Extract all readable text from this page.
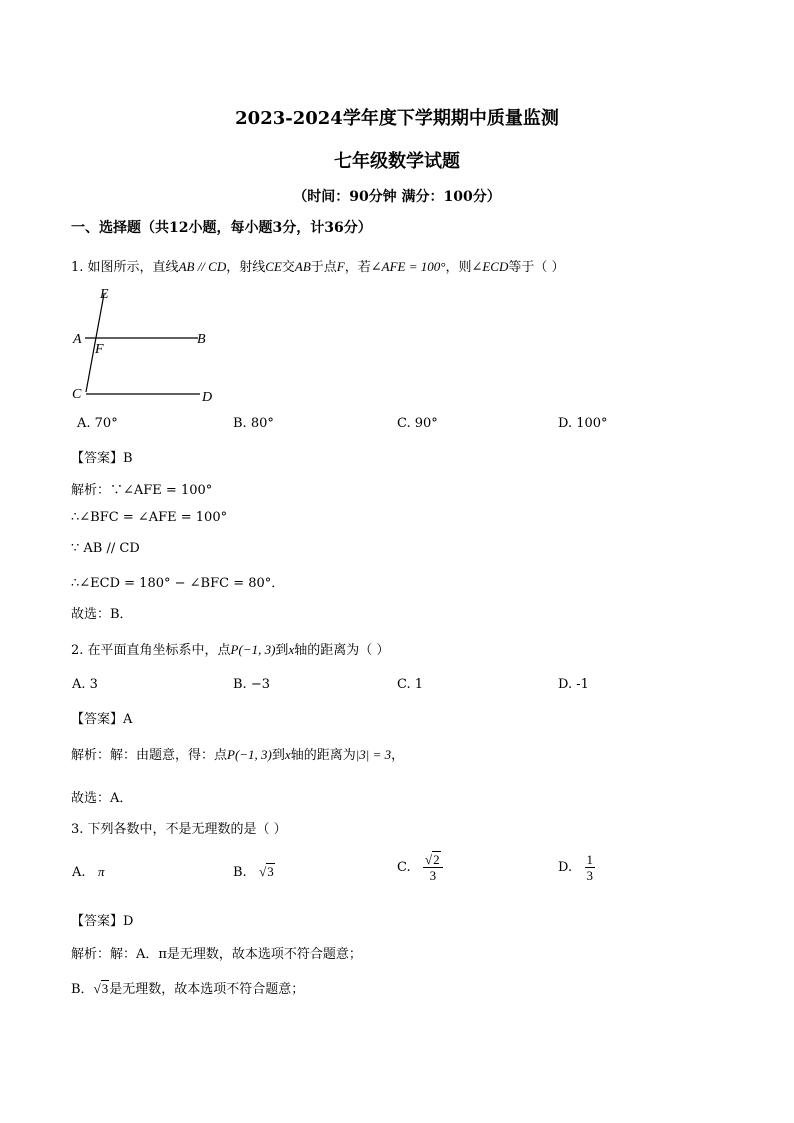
2023-2024学年度下学期期中质量监测
七年级数学试题
（时间：90分钟 满分：100分）
一、选择题（共12小题，每小题3分，计36分）
1. 如图所示，直线AB // CD，射线CE交AB于点F，若∠AFE = 100°，则∠ECD等于（ ）
E
A
F
B
C	D
A. 70°	B. 80°	C. 90°	D. 100°
【答案】B
解析：∵∠AFE = 100°
∴∠BFC = ∠AFE = 100°
∵ AB // CD
∴∠ECD = 180° − ∠BFC = 80°．
故选：B．
2. 在平面直角坐标系中，点P(−1, 3)到x轴的距离为（ ）
A. 3	B. −3	C. 1	D. -1
【答案】A
解析：解：由题意，得：点P(−1, 3)到x轴的距离为|3| = 3，
故选：A．
3. 下列各数中，不是无理数的是（ ）
A. π	B. √3	C. $\frac{√2}{3}$	D. $\frac{1}{3}$
【答案】D
解析：解：A．π是无理数，故本选项不符合题意；
B．√3是无理数，故本选项不符合题意；
